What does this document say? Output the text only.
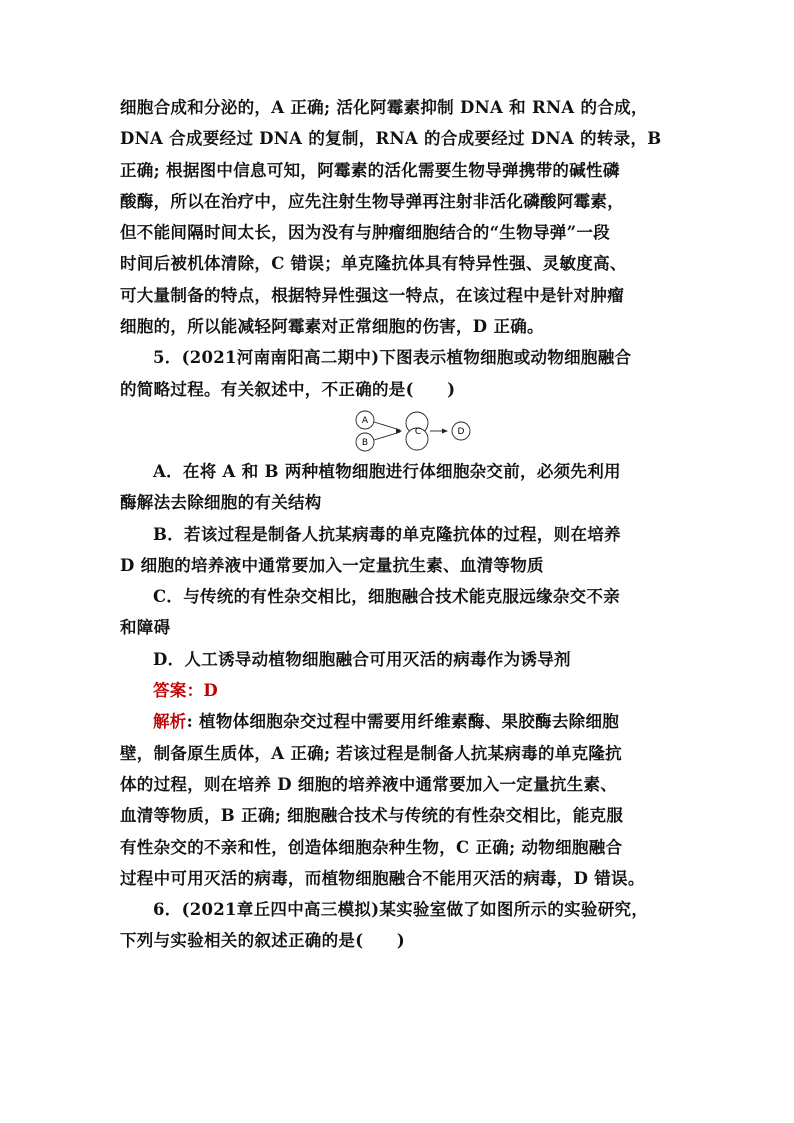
细胞合成和分泌的，A 正确; 活化阿霉素抑制 DNA 和 RNA 的合成，
DNA 合成要经过 DNA 的复制，RNA 的合成要经过 DNA 的转录，B
正确; 根据图中信息可知，阿霉素的活化需要生物导弹携带的碱性磷
酸酶，所以在治疗中，应先注射生物导弹再注射非活化磷酸阿霉素，
但不能间隔时间太长，因为没有与肿瘤细胞结合的“生物导弹”一段
时间后被机体清除，C 错误；单克隆抗体具有特异性强、灵敏度高、
可大量制备的特点，根据特异性强这一特点，在该过程中是针对肿瘤
细胞的，所以能减轻阿霉素对正常细胞的伤害，D 正确。
5．(2021河南南阳高二期中)下图表示植物细胞或动物细胞融合
的简略过程。有关叙述中，不正确的是(　　)
A
B
C	D
A．在将 A 和 B 两种植物细胞进行体细胞杂交前，必须先利用
酶解法去除细胞的有关结构
B．若该过程是制备人抗某病毒的单克隆抗体的过程，则在培养
D 细胞的培养液中通常要加入一定量抗生素、血清等物质
C．与传统的有性杂交相比，细胞融合技术能克服远缘杂交不亲
和障碍
D．人工诱导动植物细胞融合可用灭活的病毒作为诱导剂
答案：D
解析: 植物体细胞杂交过程中需要用纤维素酶、果胶酶去除细胞
壁，制备原生质体，A 正确; 若该过程是制备人抗某病毒的单克隆抗
体的过程，则在培养 D 细胞的培养液中通常要加入一定量抗生素、
血清等物质，B 正确; 细胞融合技术与传统的有性杂交相比，能克服
有性杂交的不亲和性，创造体细胞杂种生物，C 正确; 动物细胞融合
过程中可用灭活的病毒，而植物细胞融合不能用灭活的病毒，D 错误。
6．(2021章丘四中高三模拟)某实验室做了如图所示的实验研究，
下列与实验相关的叙述正确的是(　　)
